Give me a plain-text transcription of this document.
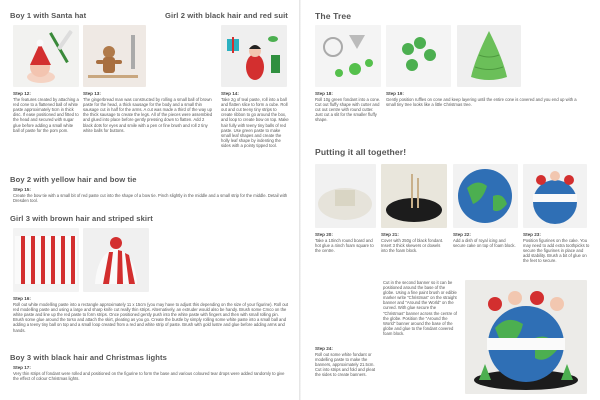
Boy 1 with Santa hat	Girl 2 with black hair and red suit
Step 12:
The features created by attaching a red cone to a flattened ball of white paste approximately 5cm in thick disc. If ease positioned and fitted to the head and secured with sugar glue before adding a small white ball of paste for the pom pom.
Step 13:
The gingerbread man was constructed by rolling a small ball of brown paste for the head, a thick sausage for the body and a small thin sausage cut in half for the arms. A cut was made a third of the way up the thick sausage to create the legs. All of the pieces were assembled and glued into place before gently pressing down to flatten. Add 2 black dots for eyes and smile with a pen or fine brush and roll 2 tiny white balls for buttons.
Step 14:
Take 2g of teal paste, roll into a ball and flatten slice to form a cube. Roll out and cut teeny tiny strips to create ribbon to go around the box, and loop to create bow on top. Make hair fully with teeny tiny balls of red paste. Use green paste to make small leaf shapes and create the holly leaf shape by indenting the sides with a pointy tipped tool.
Boy 2 with yellow hair and bow tie
Step 15:
Create the bow tie with a small bit of red paste cut into the shape of a bow tie. Pinch slightly in the middle and a small strip for the middle. Detail with Dresden tool.
Girl 3 with brown hair and striped skirt
Step 16:
Roll out white modelling paste into a rectangle approximately 11 x 15cm (you may have to adjust this depending on the size of your figurine). Roll out red modelling paste and using a large and sharp knife cut really thin strips. Alternatively, an extruder would also be handy. Brush some Cmco on the white paste and line up the red paste to form strips. Once positioned gently push into the white paste with fingers and then with small rolling pin. Brush some glue around the torso and attach the skirt, pleating as you go. Create the bustle by simply rolling some white paste into a small ball and adding a teeny tiny ball on top and a small loop created from a red and white strip of paste. Brush with gold lustre and glue before adding arms and hands.
Boy 3 with black hair and Christmas lights
Step 17:
Very thin strips of fondant were rolled and positioned on the figurine to form the base and various coloured tear drops were added randomly to give the effect of colour Christmas lights.
The Tree
Step 18:
Roll 10g green fondant into a cone. Cut out fluffy shape with cutter and cut out centre with round cutter. Just cut a slit for the smaller fluffy shape.
Step 19:
Gently position ruffles on cone and keep layering until the entire cone is covered and you end up with a small tiny tree looks like a little Christmas tree.
Putting it all together!
Step 20:
Take a 10inch round board and hot glue a 4inch foam square to the centre.
Step 21:
Cover with 250g of black fondant. Insert 3 thick skewers or dowels into the foam block.
Step 22:
Add a dish of royal icing and secure cake on top of foam block.
Step 23:
Position figurines on the cake. You may need to add extra toothpicks to secure the figurines in place and add stability. Brush a bit of glue on the feet to secure.
Step 24:
Roll out some white fondant or modelling paste to make the banners, approximately 21.5cm. Cut into strips and fold and pleat the sides to create banners.
Cut in the second banner so it can be positioned around the base of the globe. Using a fine paint brush or edible marker write "Christmas" on the straight banner and "Around the World" on the curved. With glue secure the "Christmas" banner across the centre of the globe. Position the "Around the World" banner around the base of the globe and glue to the fondant covered foam block.
